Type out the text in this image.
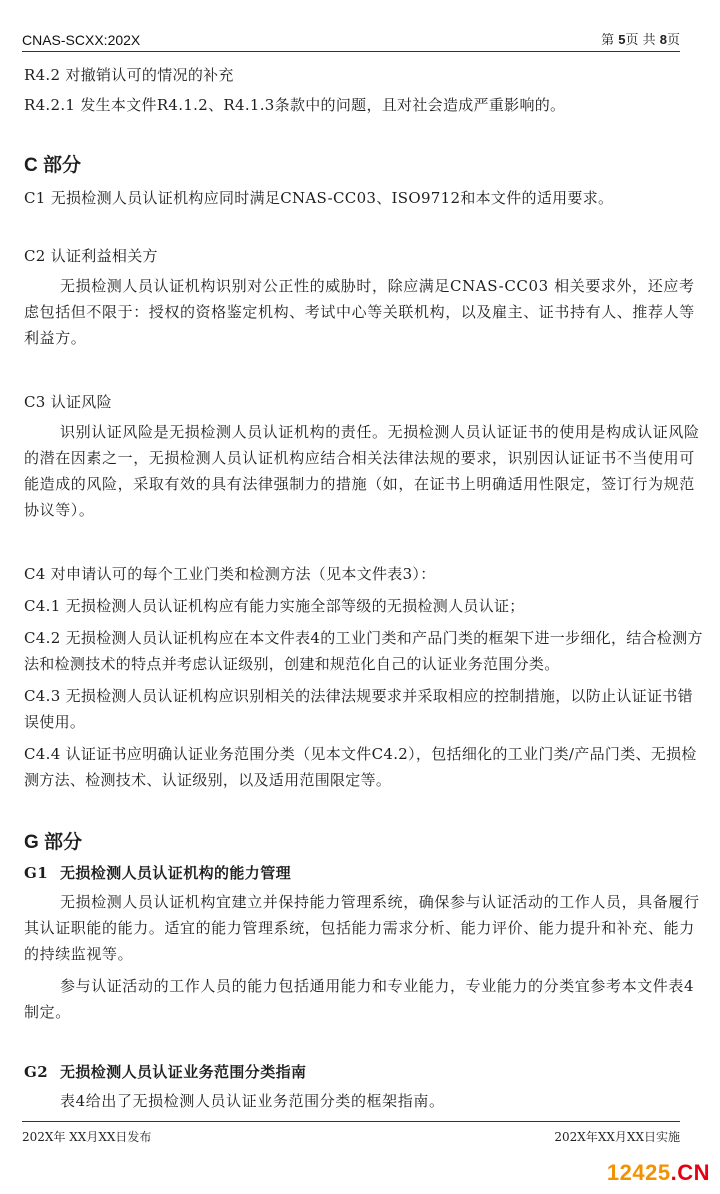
CNAS-SCXX:202X	第 5页 共 8页

R4.2 对撤销认可的情况的补充

R4.2.1 发生本文件R4.1.2、R4.1.3条款中的问题，且对社会造成严重影响的。

C 部分

C1 无损检测人员认证机构应同时满足CNAS-CC03、ISO9712和本文件的适用要求。

C2 认证利益相关方

无损检测人员认证机构识别对公正性的威胁时，除应满足CNAS-CC03 相关要求外，还应考虑包括但不限于：授权的资格鉴定机构、考试中心等关联机构，以及雇主、证书持有人、推荐人等利益方。

C3 认证风险

识别认证风险是无损检测人员认证机构的责任。无损检测人员认证证书的使用是构成认证风险的潜在因素之一，无损检测人员认证机构应结合相关法律法规的要求，识别因认证证书不当使用可能造成的风险，采取有效的具有法律强制力的措施（如，在证书上明确适用性限定，签订行为规范协议等）。

C4 对申请认可的每个工业门类和检测方法（见本文件表3）：

C4.1 无损检测人员认证机构应有能力实施全部等级的无损检测人员认证；

C4.2 无损检测人员认证机构应在本文件表4的工业门类和产品门类的框架下进一步细化，结合检测方法和检测技术的特点并考虑认证级别，创建和规范化自己的认证业务范围分类。

C4.3 无损检测人员认证机构应识别相关的法律法规要求并采取相应的控制措施，以防止认证证书错误使用。

C4.4 认证证书应明确认证业务范围分类（见本文件C4.2），包括细化的工业门类/产品门类、无损检测方法、检测技术、认证级别，以及适用范围限定等。

G 部分

G1 无损检测人员认证机构的能力管理

无损检测人员认证机构宜建立并保持能力管理系统，确保参与认证活动的工作人员，具备履行其认证职能的能力。适宜的能力管理系统，包括能力需求分析、能力评价、能力提升和补充、能力的持续监视等。

参与认证活动的工作人员的能力包括通用能力和专业能力，专业能力的分类宜参考本文件表4制定。

G2 无损检测人员认证业务范围分类指南

表4给出了无损检测人员认证业务范围分类的框架指南。

202X年 XX月XX日发布	202X年XX月XX日实施
12425.CN
